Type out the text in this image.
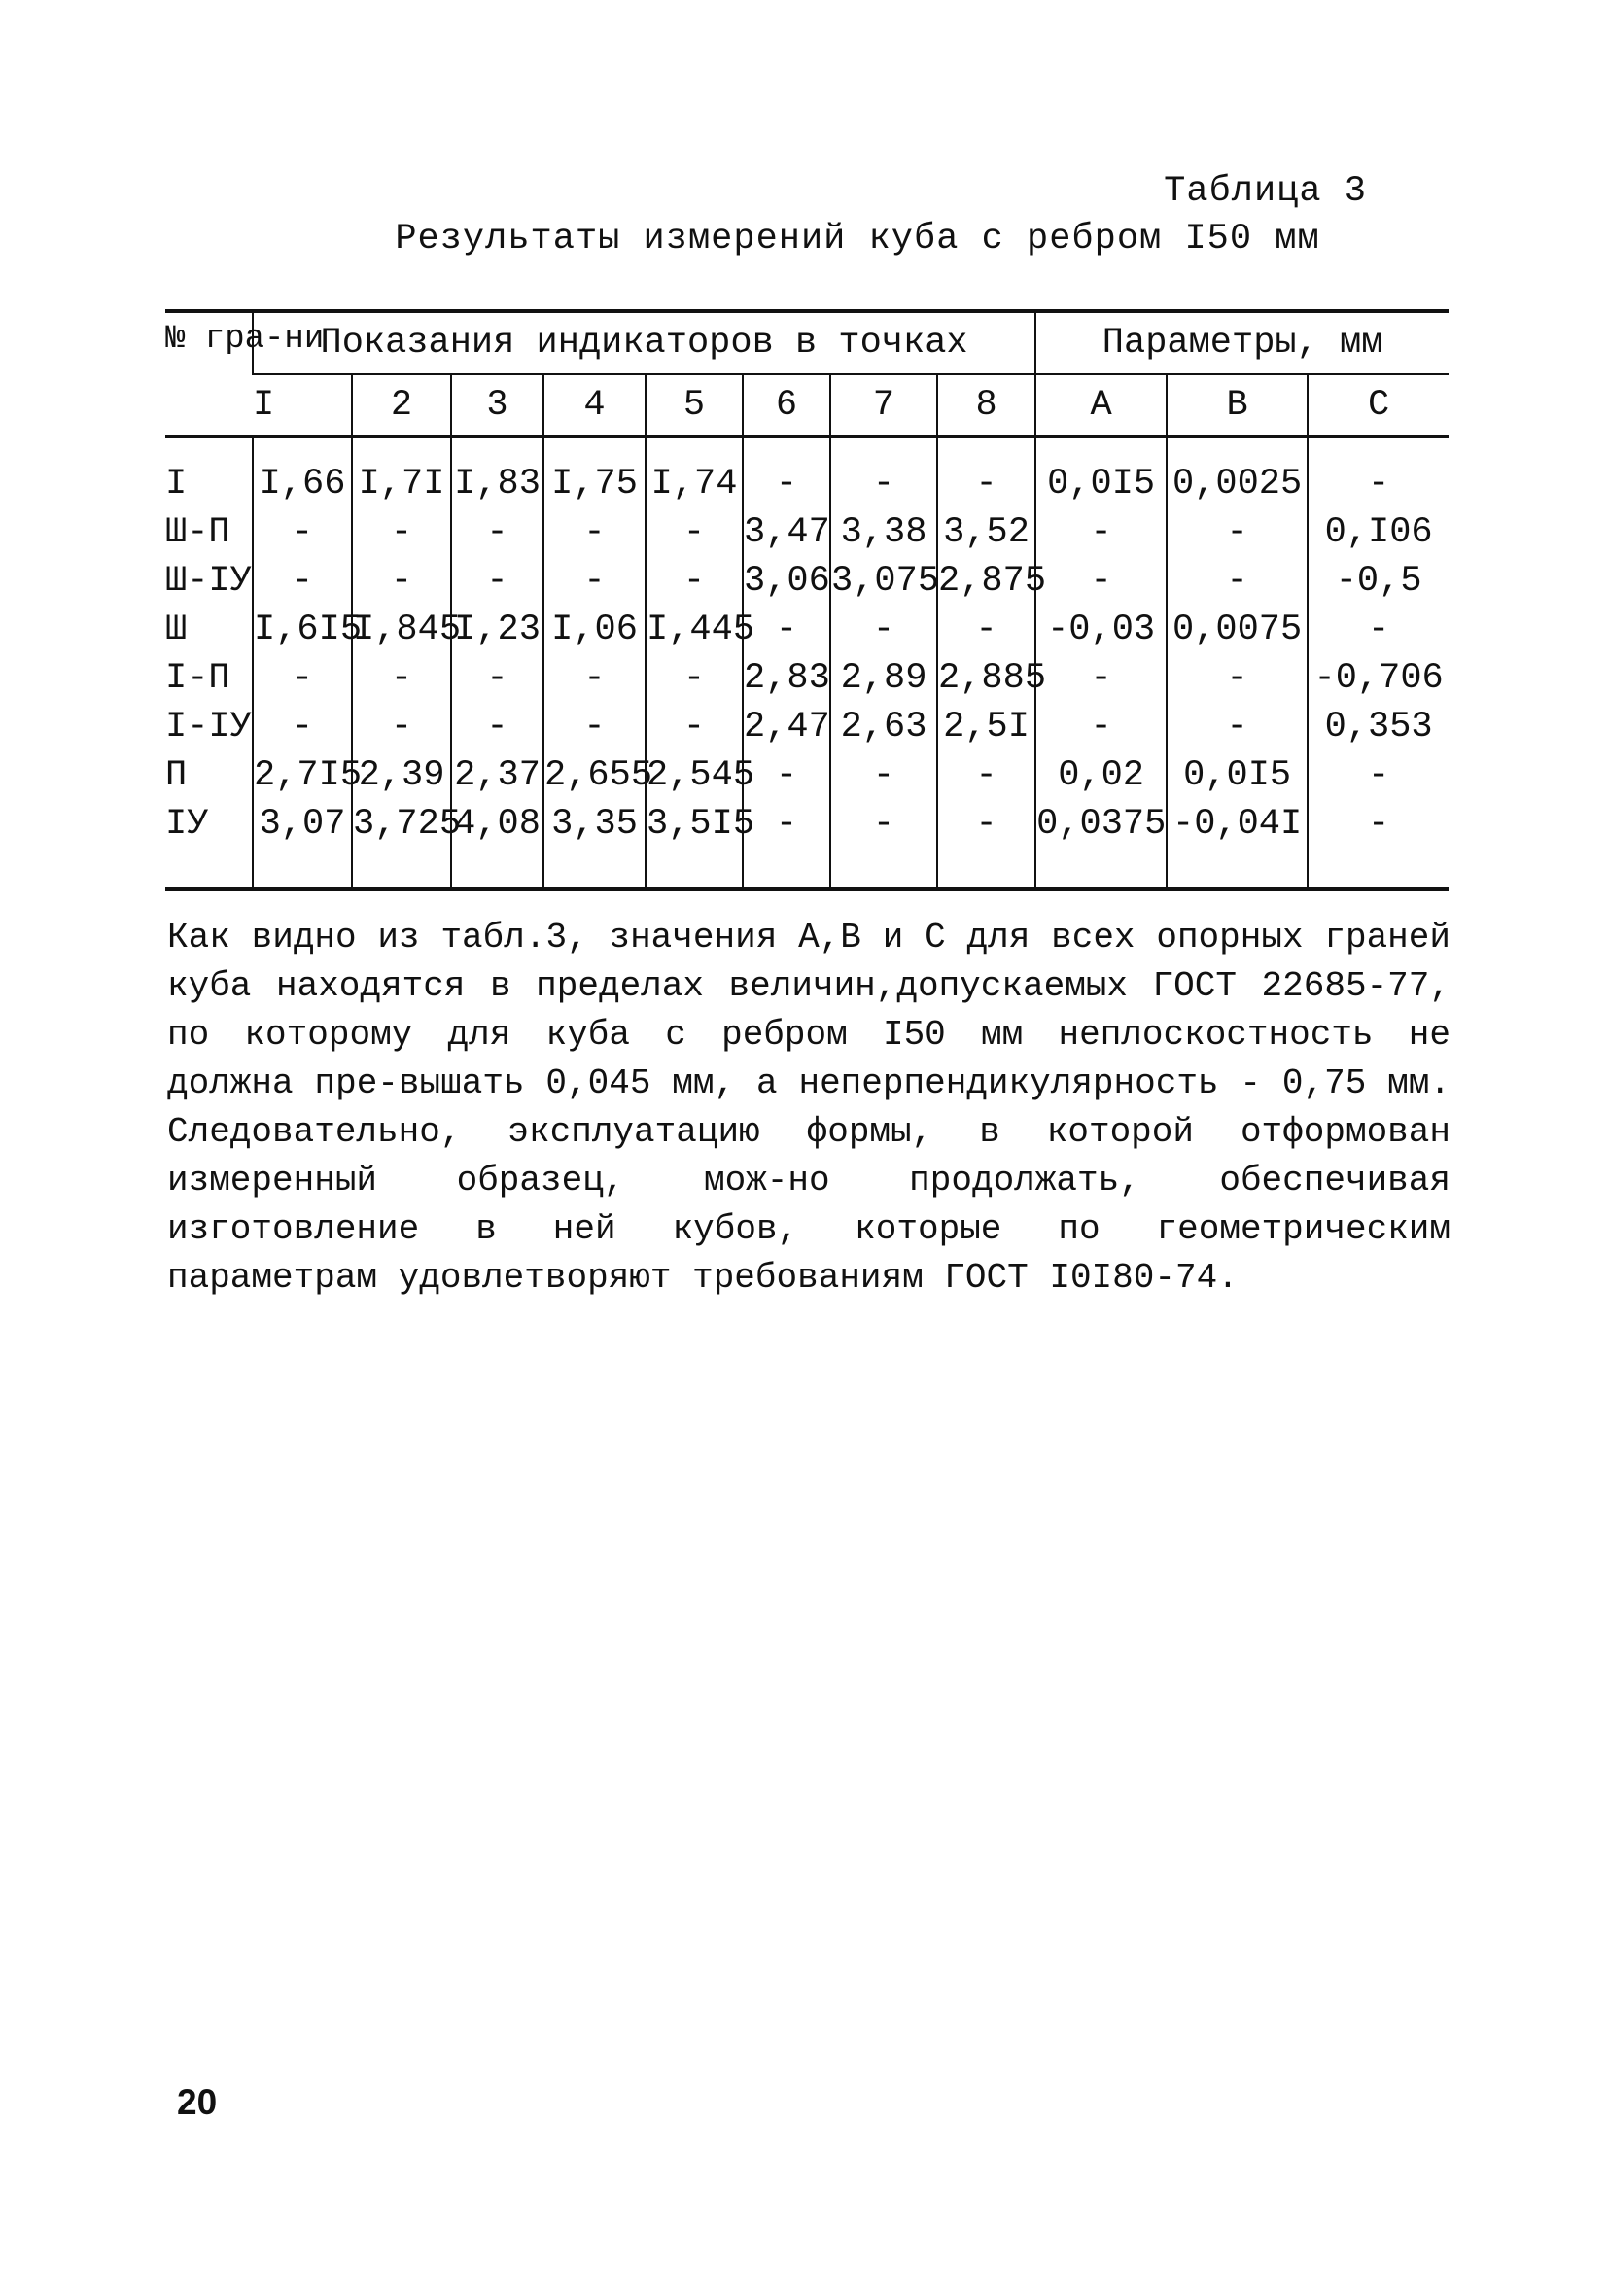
Таблица 3
Результаты измерений куба с ребром I50 мм
№ гра-ни	Показания индикаторов в точках								Параметры, мм		
	I	2	3	4	5	6	7	8	A	B	C
I	I,66	I,7I	I,83	I,75	I,74	-	-	-	0,0I5	0,0025	-
Ш-П	-	-	-	-	-	3,47	3,38	3,52	-	-	0,I06
Ш-IУ	-	-	-	-	-	3,06	3,075	2,875	-	-	-0,5
Ш	I,6I5	I,845	I,23	I,06	I,445	-	-	-	-0,03	0,0075	-
I-П	-	-	-	-	-	2,83	2,89	2,885	-	-	-0,706
I-IУ	-	-	-	-	-	2,47	2,63	2,5I	-	-	0,353
П	2,7I5	2,39	2,37	2,655	2,545	-	-	-	0,02	0,0I5	-
IУ	3,07	3,725	4,08	3,35	3,5I5	-	-	-	0,0375	-0,04I	-
Как видно из табл.3, значения А,В и С для всех опорных граней куба находятся в пределах величин,допускаемых ГОСТ 22685-77, по которому для куба с ребром I50 мм неплоскостность не должна пре-вышать 0,045 мм, а неперпендикулярность - 0,75 мм. Следовательно, эксплуатацию формы, в которой отформован измеренный образец, мож-но продолжать, обеспечивая изготовление в ней кубов, которые по геометрическим параметрам удовлетворяют требованиям ГОСТ I0I80-74.
20
